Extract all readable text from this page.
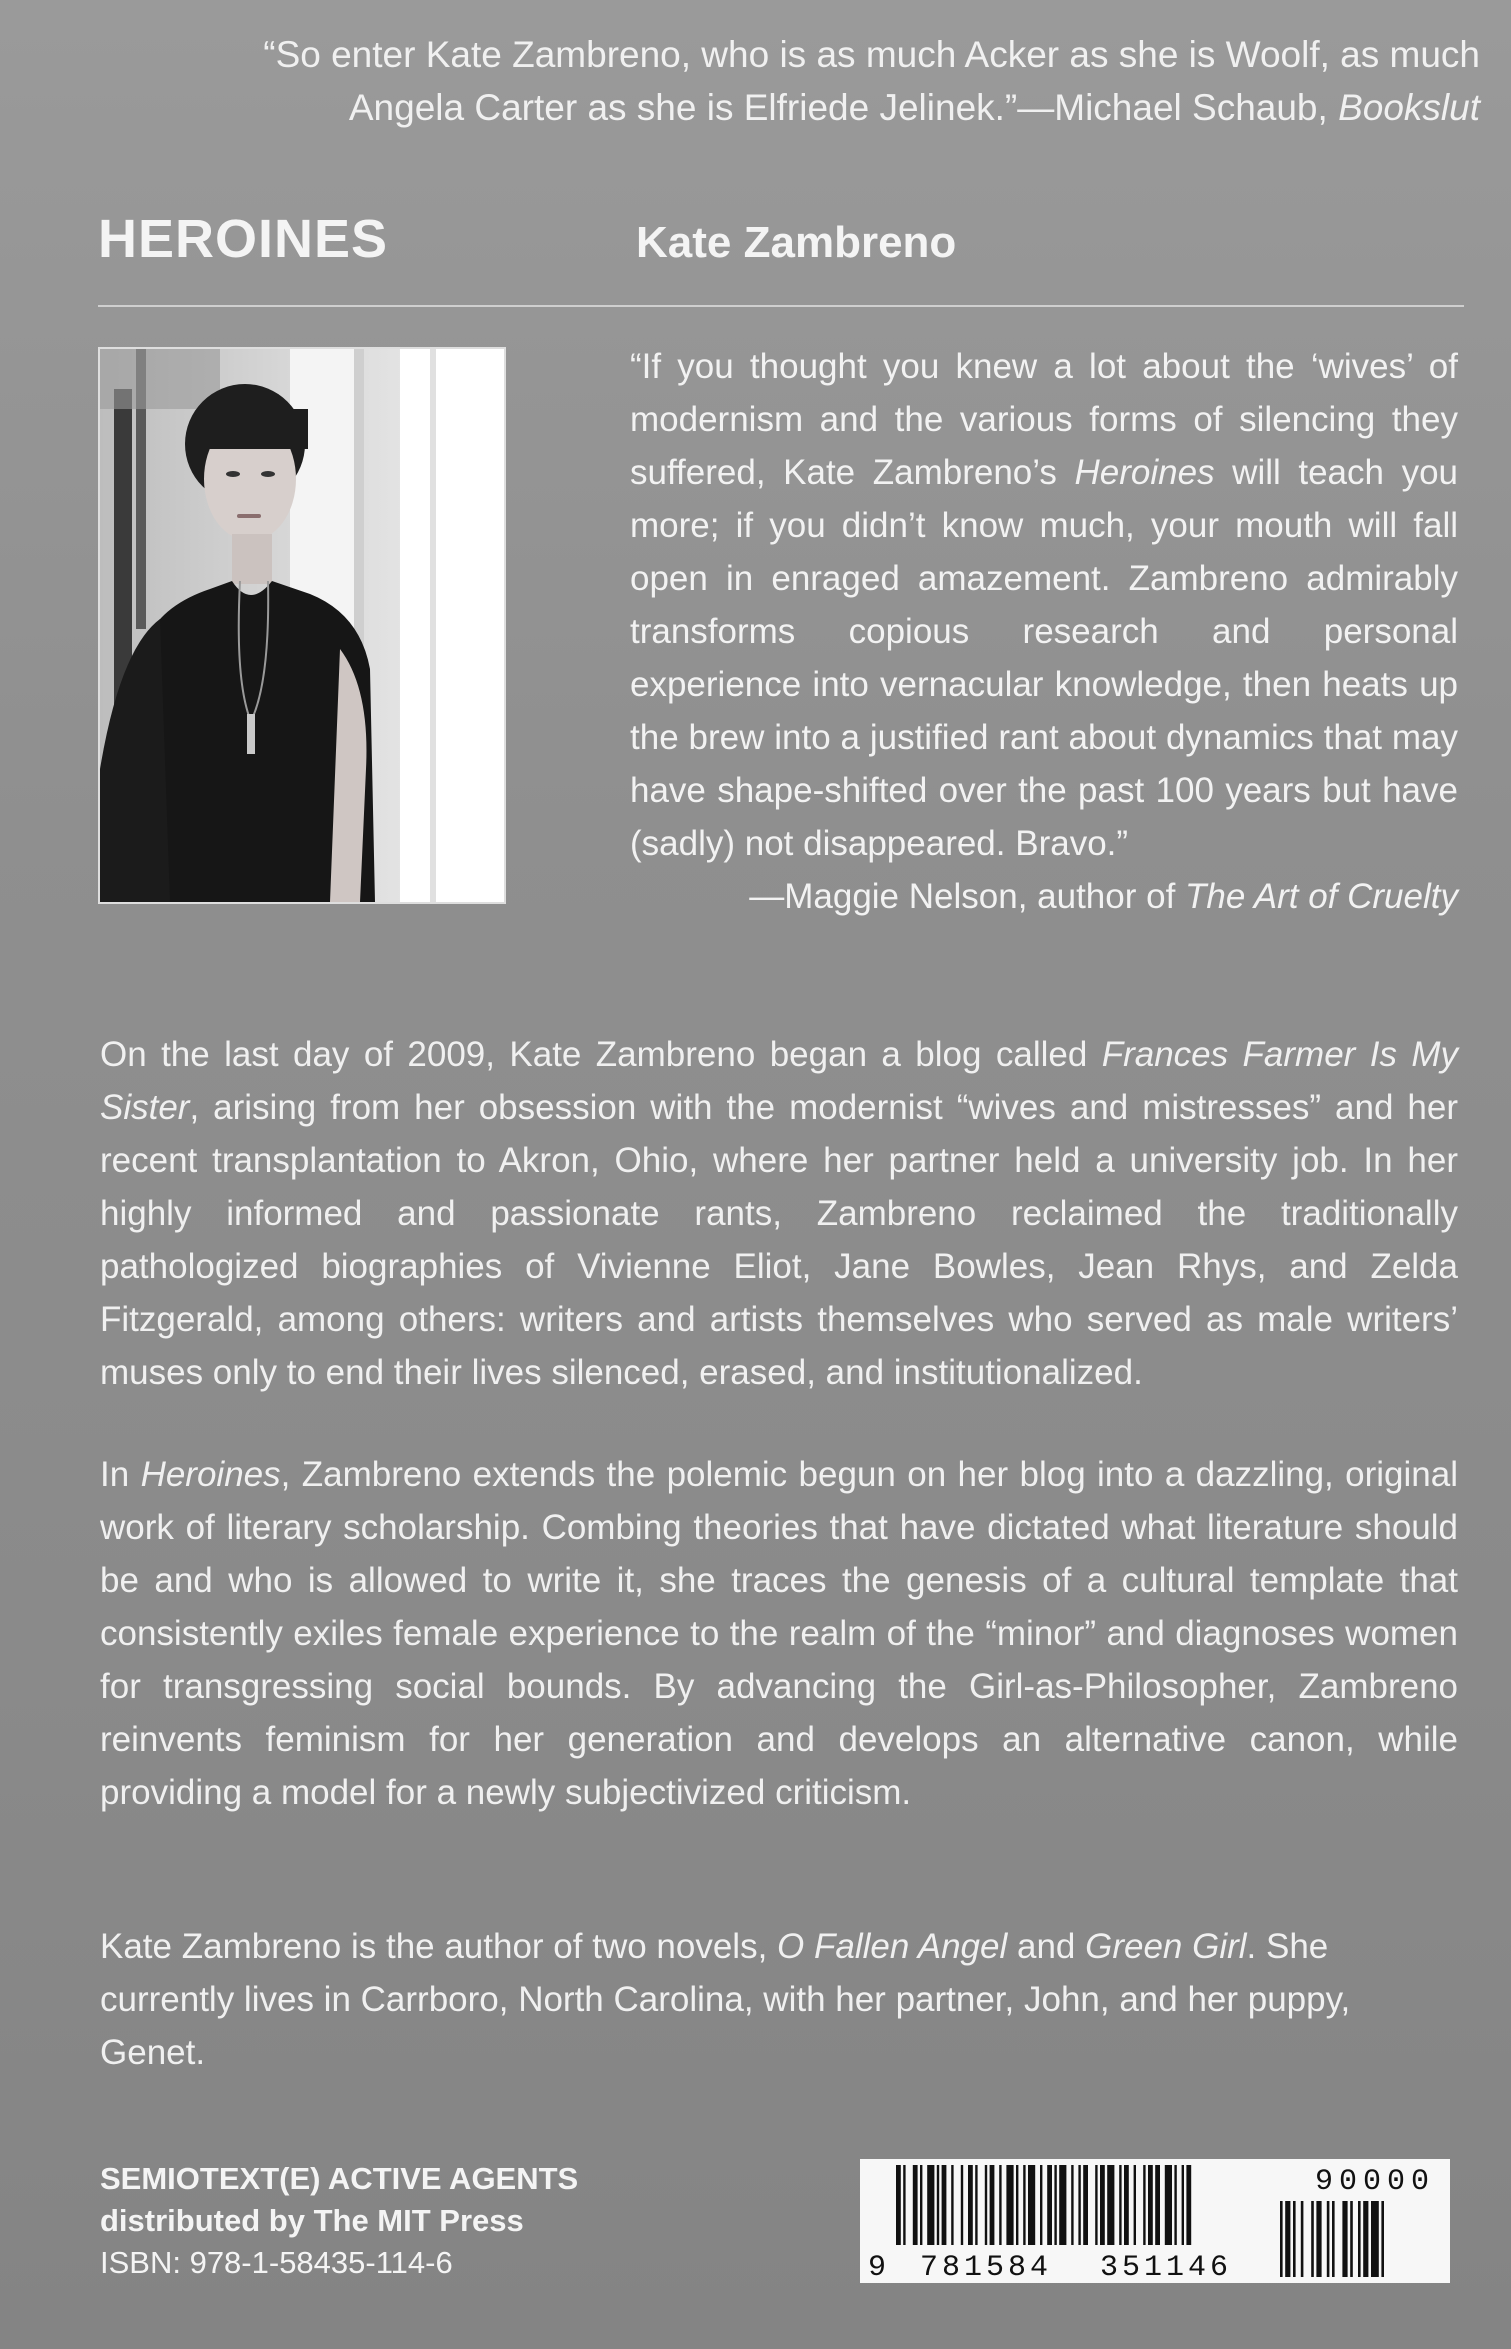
“So enter Kate Zambreno, who is as much Acker as she is Woolf, as much
Angela Carter as she is Elfriede Jelinek.”—Michael Schaub, Bookslut
HEROINES	Kate Zambreno
“If you thought you knew a lot about the ‘wives’ of modernism and the various forms of silencing they suffered, Kate Zambreno’s Heroines will teach you more; if you didn’t know much, your mouth will fall open in enraged amazement. Zambreno admirably transforms copious research and personal experience into vernacular knowledge, then heats up the brew into a justified rant about dynamics that may have shape-shifted over the past 100 years but have (sadly) not disappeared. Bravo.”
—Maggie Nelson, author of The Art of Cruelty
On the last day of 2009, Kate Zambreno began a blog called Frances Farmer Is My Sister, arising from her obsession with the modernist “wives and mistresses” and her recent transplantation to Akron, Ohio, where her partner held a university job. In her highly informed and passionate rants, Zambreno reclaimed the traditionally pathologized biographies of Vivienne Eliot, Jane Bowles, Jean Rhys, and Zelda Fitzgerald, among others: writers and artists themselves who served as male writers’ muses only to end their lives silenced, erased, and institutionalized.
In Heroines, Zambreno extends the polemic begun on her blog into a dazzling, original work of literary scholarship. Combing theories that have dictated what literature should be and who is allowed to write it, she traces the genesis of a cultural template that consistently exiles female experience to the realm of the “minor” and diagnoses women for transgressing social bounds. By advancing the Girl-as-Philosopher, Zambreno reinvents feminism for her generation and develops an alternative canon, while providing a model for a newly subjectivized criticism.
Kate Zambreno is the author of two novels, O Fallen Angel and Green Girl. She currently lives in Carrboro, North Carolina, with her partner, John, and her puppy, Genet.
SEMIOTEXT(E) ACTIVE AGENTS
distributed by The MIT Press
ISBN: 978-1-58435-114-6
90000
9 781584 351146
